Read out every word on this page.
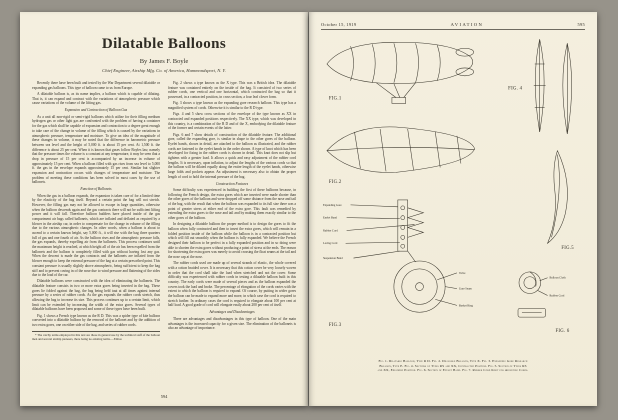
Dilatable Balloons
By James F. Boyle
Chief Engineer, Airship Mfg. Co. of America, Hammondsport, N. Y.

Recently there have been built and tested by the War Department several dilatable or expanding gas balloons. This type of balloon came to us from Europe.

A dilatable balloon is, as its name implies, a balloon which is capable of dilating. That is, it can expand and contract with the variations of atmospheric pressure which cause variations of the volume of the lifting gas.

Expansion and Contraction of Balloon Gas

As a unit all non-rigid or semi-rigid balloons which utilize for their filling medium hydrogen gas or other light gas are confronted with the problem of having a container for the gas which shall be capable of expansion and contraction to a degree great enough to take care of the change in volume of the filling which is caused by the variations in atmospheric pressure, temperature and moisture. To give an idea of the magnitude of these changes in volume, it may be noted that the difference in barometric pressure between sea level and the height of 5,000 ft. is about 15 per cent. At 1,500 ft. the difference is about 25 per cent. When it is known that gases follow Boyles law, namely that the pressure times the volume is a constant at any temperature, it may be seen that a drop in pressure of 15 per cent is accompanied by an increase in volume of approximately 15 per cent. When a balloon filled with gas rises from sea level to 5,000 ft. the gas in the envelope expands approximately 15 per cent. Similar but slighter expansion and contraction occurs with changes of temperature and moisture. The problem of meeting these conditions has been solved in most cases by the use of ballonets.

Function of Ballonets

When the gas in a balloon expands, the expansion is taken care of for a limited time by the elasticity of the bag itself. Beyond a certain point the bag will not stretch. However, the filling gas may not be allowed to escape in large quantities, otherwise when the balloon descends again and the gas contracts there will not be sufficient lifting power and it will fall. Therefore balloon builders have placed inside of the gas compartment air bags called ballonets, which are inflated and deflated as required by a blower in the airship car, in order to compensate for the change in volume of the filling due to the various atmospheric changes. In other words, when a balloon is about to ascend to a certain known height, say 5,000 ft., it will rise with the bag three quarters full of gas and one fourth of air. As the balloon rises and the atmospheric pressure falls, the gas expands, thereby expelling air from the ballonets. This process continues until the maximum height is reached, at which height all of the air has been expelled from the ballonets and the balloon is completely filled with gas without having lost any gas. When the descent is made the gas contracts and the ballonets are inflated from the blower enough to keep the external pressure of the bag at a certain prescribed point. This constant pressure is usually slightly above atmospheric, being sufficient to keep the bag stiff and to prevent caving in of the nose due to wind pressure and flattening of the sides due to the load of the car.

Dilatable balloons were constructed with the idea of eliminating the ballonets. The dilatable feature consists in two or more extra gores being inserted in the bag. These gores lie folded against the bag, the bag being held taut at all times against internal pressure by a series of rubber cords. As the gas expands the rubber cords stretch, thus allowing the bag to increase its size. This process continues up to a certain limit, which limit can be extended by increasing the width of the extra gores. Several types of dilatable balloons have been proposed and some of these types have been built.

Fig. 1 shows a French type known as the R D. This was a spider type of kite balloon converted into a dilatable balloon by the removal of the ballonet and by the addition of two extra gores, one on either side of the bag, and series of rubber cords.

* The catchy terms employed in this text are those in general use by the technical staff of the balloon men and several airship pioneers, there being no existing terms.—Editor.

Fig. 2 shows a type known as the X type. This was a British idea. The dilatable feature was contained entirely on the inside of the bag. It consisted of two series of rubber cords, one vertical and one horizontal, which contracted the bag so that it possessed, in a contracted position, in cross section, a four leaf clover form.

Fig. 3 shows a type known as the expanding gore research balloon. This type has a magnified system of cords. Otherwise it is similar to the R D type.

Figs. 4 and 5 show cross sections of the envelope of the type known as XX in contracted and expanded positions respectively. The XX type, which was developed in this country, is a combination of the R D and of the X, embodying the dilatable feature of the former and certain events of the latter.

Figs. 6 and 7 show details of construction of the dilatable feature. The additional gore, called the expanding gore, is similar in shape to the other gores of the balloon. Eyelet bands, shown in detail, are attached to the balloon as illustrated, and the rubber cords are fastened to the eyelet bands in the order shown. A type of knot which has been developed for fixing in the rubber cords is shown in detail. This knot does not slip but tightens with a greater load. It allows a quick and easy adjustment of the rubber cord lengths. It is necessary, upon inflation, to adjust the lengths of the various cords so that the balloon will be dilated equally along the entire length of the eyelet bands, otherwise large folds and pockets appear. An adjustment is necessary also to obtain the proper length of cord to hold the internal pressure of the bag.

Construction Features

Some difficulty was experienced in building the first of these balloons because, in following the French design, the extra gores which are inserted were made shorter than the other gores of the balloon and were dropped off some distance from the nose and tail of the bag, with the result that when the balloon was expanded to its full size there was a point of greater stress at either end of the extra gore. This fault was remedied by extending the extra gores to the nose and tail and by making them exactly similar to the other gores of the balloon.

In designing a dilatable balloon the proper method is to design the gores to fit the balloon when fully contracted and then to insert the extra gores, which will remain in a folded position inside of the balloon while the balloon is in a contracted position but which will fill out smoothly when the balloon is fully expanded. We believe the French designed their balloon to be perfect in a fully expanded position and in so doing were able to shorten the extra gores without producing a point of stress at the ends. The reason for shortening the extra gores was merely to avoid crossing the float seams at the tail and the nose cap at the nose.

The rubber cords used are made up of several strands of elastic, the whole covered with a cotton braided cover. It is necessary that this cotton cover be very loosely woven in order that the cord shall take the load when stretched and not the cover. Some difficulty was experienced with rubber cords in testing a dilatable balloon built in this country. The early cords were made of several pieces and as the balloon expanded the covers took the load and broke. The percentage of elongation of the cords varies with the extent to which the balloon is required to expand. Of course, by putting in wider gores the balloon can be made to expand more and more, in which case the cord is required to stretch further. In ordinary cases the cord is required to elongate about 100 per cent at half load. A good grade of cord will elongate easily about 200 per cent of itself.

Advantages and Disadvantages

There are advantages and disadvantages in this type of balloon. One of the main advantages is the increased capacity for a given size. The elimination of the ballonets is also an advantage of importance.

594
October 15, 1919	AVIATION	595
FIG.1
FIG. 4
FIG.2
FIG.5
Expanding Gore
Eyelet Band
Rubber Cord
Lacing Cord
Suspension Band
Valve
Gore Seam
Basket Ring
FIG.3
Balloon Cloth
Rubber Cord
FIG. 6
Fig. 1. Dilatable Balloon, Type R D. Fig. 2. Dilatable Balloon, Type X. Fig. 3. Expanding Gore Research
Balloon, Type E. Fig. 4. Sections of Types RS and XX, Contracted Position. Fig. 5. Section of Types RS
and XX, Expanded Position. Fig. 6. Section of Eyelet Band. Fig. 7. Rubber Cord Knot for Adjusting Cords.
